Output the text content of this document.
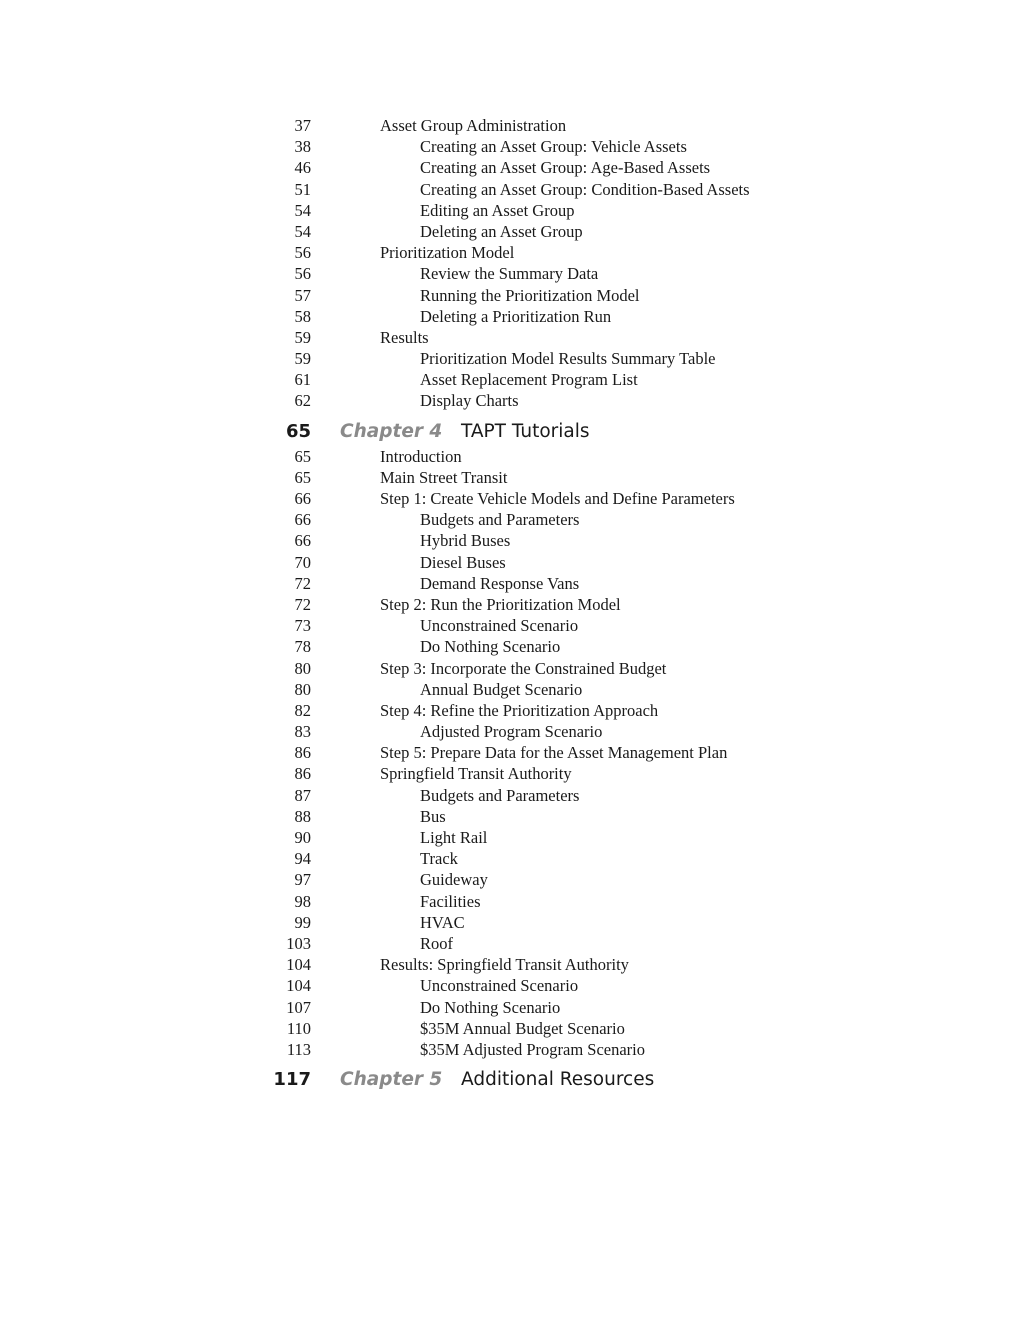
37	Asset Group Administration
38	Creating an Asset Group: Vehicle Assets
46	Creating an Asset Group: Age-Based Assets
51	Creating an Asset Group: Condition-Based Assets
54	Editing an Asset Group
54	Deleting an Asset Group
56	Prioritization Model
56	Review the Summary Data
57	Running the Prioritization Model
58	Deleting a Prioritization Run
59	Results
59	Prioritization Model Results Summary Table
61	Asset Replacement Program List
62	Display Charts
65 Chapter 4 TAPT Tutorials
65	Introduction
65	Main Street Transit
66	Step 1: Create Vehicle Models and Define Parameters
66	Budgets and Parameters
66	Hybrid Buses
70	Diesel Buses
72	Demand Response Vans
72	Step 2: Run the Prioritization Model
73	Unconstrained Scenario
78	Do Nothing Scenario
80	Step 3: Incorporate the Constrained Budget
80	Annual Budget Scenario
82	Step 4: Refine the Prioritization Approach
83	Adjusted Program Scenario
86	Step 5: Prepare Data for the Asset Management Plan
86	Springfield Transit Authority
87	Budgets and Parameters
88	Bus
90	Light Rail
94	Track
97	Guideway
98	Facilities
99	HVAC
103	Roof
104	Results: Springfield Transit Authority
104	Unconstrained Scenario
107	Do Nothing Scenario
110	$35M Annual Budget Scenario
113	$35M Adjusted Program Scenario
117 Chapter 5 Additional Resources
